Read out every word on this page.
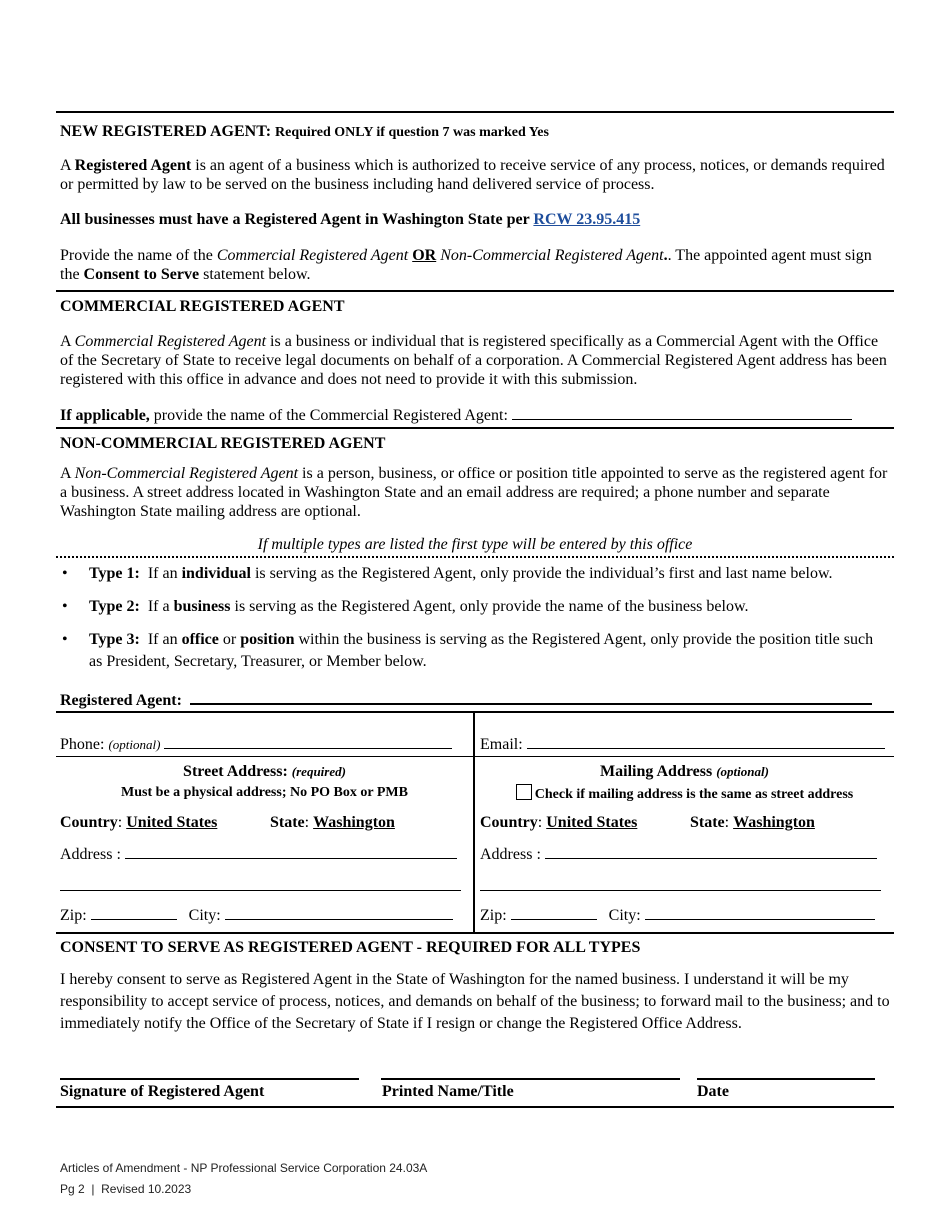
NEW REGISTERED AGENT: Required ONLY if question 7 was marked Yes

A Registered Agent is an agent of a business which is authorized to receive service of any process, notices, or demands required or permitted by law to be served on the business including hand delivered service of process.

All businesses must have a Registered Agent in Washington State per RCW 23.95.415

Provide the name of the Commercial Registered Agent OR Non-Commercial Registered Agent.. The appointed agent must sign the Consent to Serve statement below.

COMMERCIAL REGISTERED AGENT

A Commercial Registered Agent is a business or individual that is registered specifically as a Commercial Agent with the Office of the Secretary of State to receive legal documents on behalf of a corporation. A Commercial Registered Agent address has been registered with this office in advance and does not need to provide it with this submission.

If applicable, provide the name of the Commercial Registered Agent:

NON-COMMERCIAL REGISTERED AGENT

A Non-Commercial Registered Agent is a person, business, or office or position title appointed to serve as the registered agent for a business. A street address located in Washington State and an email address are required; a phone number and separate Washington State mailing address are optional.

If multiple types are listed the first type will be entered by this office

• Type 1:  If an individual is serving as the Registered Agent, only provide the individual’s first and last name below.
• Type 2:  If a business is serving as the Registered Agent, only provide the name of the business below.
• Type 3:  If an office or position within the business is serving as the Registered Agent, only provide the position title such as President, Secretary, Treasurer, or Member below.

Registered Agent:

Phone: (optional)	Email:

Street Address: (required)

Must be a physical address; No PO Box or PMB

Country: United States	State: Washington

Address :

Zip:	City:

Mailing Address (optional)

Check if mailing address is the same as street address

Country: United States	State: Washington

Address :

Zip:	City:

CONSENT TO SERVE AS REGISTERED AGENT - REQUIRED FOR ALL TYPES

I hereby consent to serve as Registered Agent in the State of Washington for the named business. I understand it will be my responsibility to accept service of process, notices, and demands on behalf of the business; to forward mail to the business; and to immediately notify the Office of the Secretary of State if I resign or change the Registered Office Address.

Signature of Registered Agent	Printed Name/Title	Date

Articles of Amendment - NP Professional Service Corporation 24.03A

Pg 2  |  Revised 10.2023
